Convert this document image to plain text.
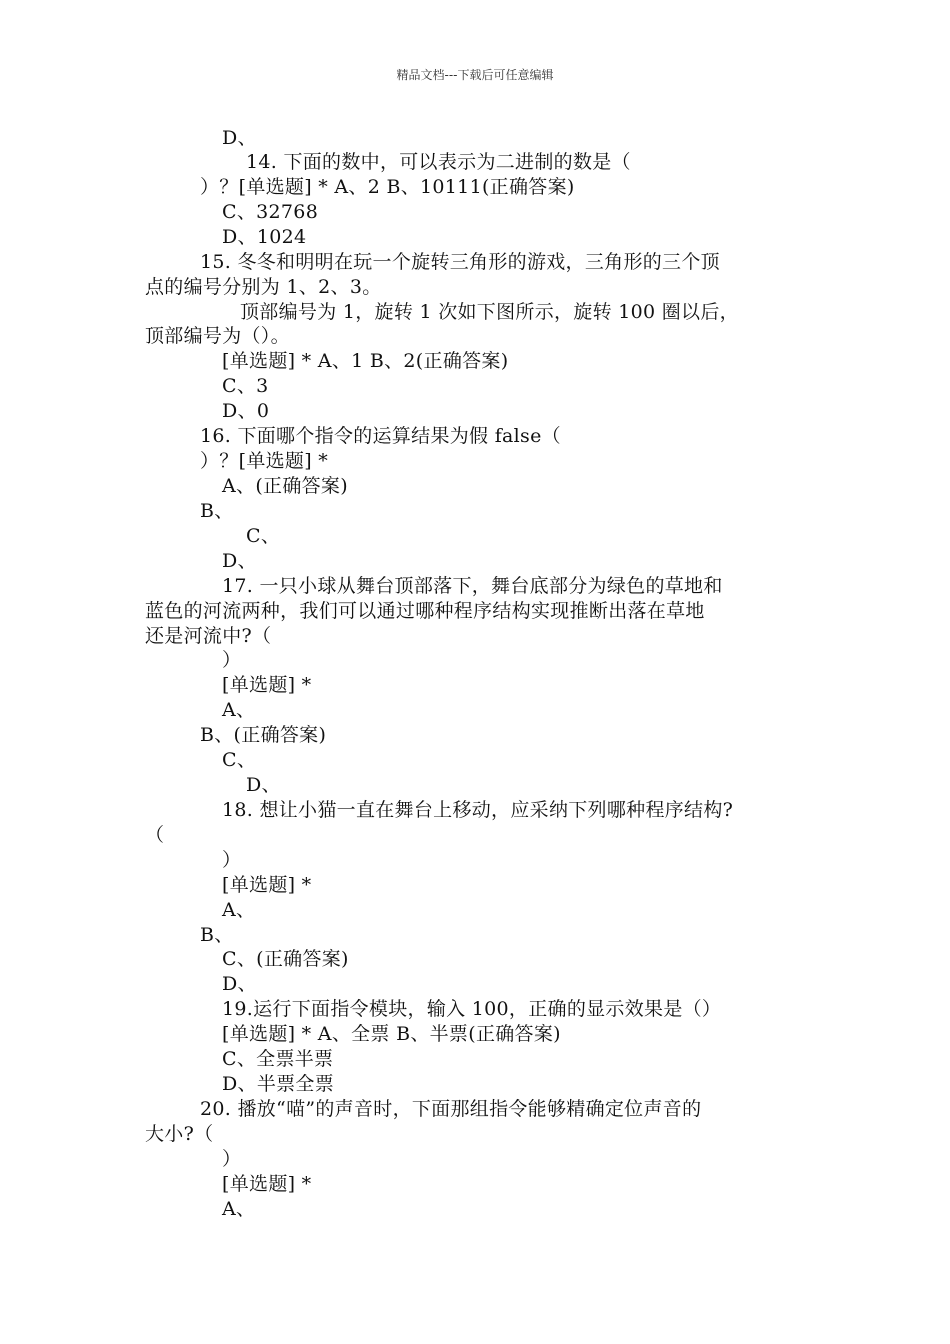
精品文档---下载后可任意编辑
D、
14. 下面的数中，可以表示为二进制的数是（
）？[单选题] * A、2 B、10111(正确答案)
C、32768
D、1024
15. 冬冬和明明在玩一个旋转三角形的游戏，三角形的三个顶
点的编号分别为 1、2、3。
顶部编号为 1，旋转 1 次如下图所示，旋转 100 圈以后，
顶部编号为（）。
[单选题] * A、1 B、2(正确答案)
C、3
D、0
16. 下面哪个指令的运算结果为假 false（
）？[单选题] *
A、(正确答案)
B、
C、
D、
17. 一只小球从舞台顶部落下，舞台底部分为绿色的草地和
蓝色的河流两种，我们可以通过哪种程序结构实现推断出落在草地
还是河流中?（
）
[单选题] *
A、
B、(正确答案)
C、
D、
18. 想让小猫一直在舞台上移动，应采纳下列哪种程序结构?
（
）
[单选题] *
A、
B、
C、(正确答案)
D、
19.运行下面指令模块，输入 100，正确的显示效果是（）
[单选题] * A、全票 B、半票(正确答案)
C、全票半票
D、半票全票
20. 播放“喵”的声音时，下面那组指令能够精确定位声音的
大小?（
）
[单选题] *
A、
